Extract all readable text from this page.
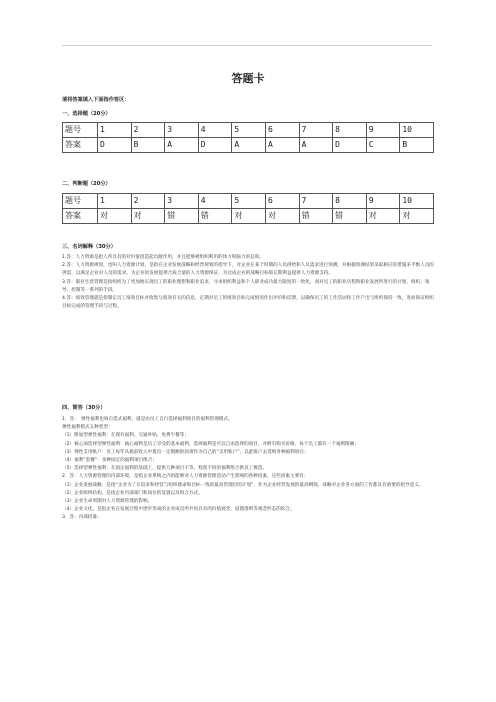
答题卡
请将答案填入下面指作答区：
一、选择题（20分）
题号	1	2	3	4	5	6	7	8	9	10
答案	D	B	A	D	A	A	A	D	C	B
二、判断题（20分）
题号	1	2	3	4	5	6	7	8	9	10
答案	对	对	错	错	对	对	错	错	对	对
三、名词解释（30分）

1.答：人力资源是指人所具有的对价值创造起贡献作用，并且能够被组织利用的体力和脑力的总和。

2.答：人力资源规划，也叫人力资源计划，是指在企业发展战略和经营规划的指导下，对企业在某个时期的人员供给和人员需求进行预测，并根据预测结果采取相应的措施来平衡人员的供需，以满足企业对人员的需求，为企业的发展提供合质合量的人力资源保证，为达成企业的战略目标和长期利益提供人力资源支持。

3.答：职业生涯管理是指组织为了更加地实现员工的职业理想和职业追求，寻求组织利益和个人职业成功最大限度的一致化，而对员工的职业历程和职业发展所进行的计划、组织、领导、控制等一系列的手段。

4.答：绩效管理就是指制定员工绩效目标并收集与绩效有关的信息，定期对员工的绩效目标完成情况作出评价和反馈，以确保员工的工作活动和工作产出与组织保持一致，进而保证组织目标完成的管理手段与过程。

四、简答（30分）

1．答：　弹性福利也叫自选式福利，就是由员工自行选择福利项目的福利管理模式。

弹性福利模式五种类型：

（1）附加型弹性福利：在现有福利、交通补贴、免费午餐等；

（2）核心加选择型弹性福利：核心福利是员工享受的基本福利，选择福利是可以自由选择的项目，并附有购买价格，每个员工都有一个福利限额；

（3）弹性支用帐户：员工每年从税前收入中拨出一定数额的款项作为自己的“支用账户”，以此账户去选购各种福利项目；

（4）福利“套餐”：多种固定的福利项目组合；

（5）选择型弹性福利：在固定福利的基础上，提供几种项目不等、程度不同的福利组合供员工挑选。

2．答：人力资源管理的内部环境，是指企业系统之内的能够对人力资源管理活动产生影响的各种因素，这些因素主要有：

（1）企业发展战略，是指“企业为了在追求和经营与组织使命和目标一致的最高管理层的计划”，作为企业经营发展的最高纲领，战略对企业各方面的工作都具有重要的指导意义。

（2）企业组织结构，是指企业内部部门和岗位的设置以及组合方式。

（3）企业生命周期对人力资源管理的影响。

（4）企业文化，是指企业在发展过程中逐步形成的企业成员所共同具有的价值观念、道德准则等观念形态的综合。

3．答：内部招募：
